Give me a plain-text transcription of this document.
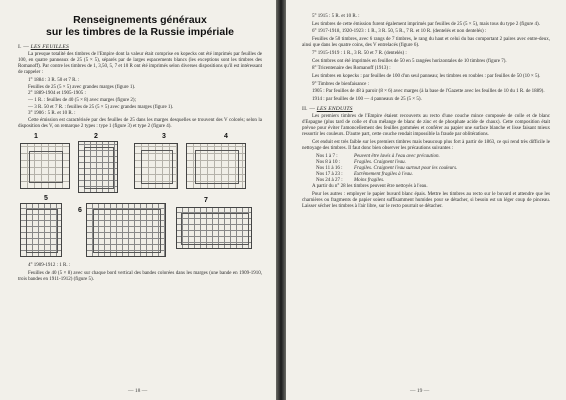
Renseignements généraux
sur les timbres de la Russie impériale
I. — LES FEUILLES

La presque totalité des timbres de l'Empire dont la valeur était comprise en kopecks ont été imprimés par feuilles de 100, en quatre panneaux de 25 (5 × 5), séparés par de larges espacements blancs (les exceptions sont les timbres des Romanoff). Par contre les timbres de 1, 3,50, 5, 7 et 10 R ont été imprimés selon diverses dispositions qu'il est intéressant de rappeler :

1° 1884 : 3 R. 50 et 7 R. :

Feuilles de 25 (5 × 5) avec grandes marges (figure 1).

2° 1889-1904 et 1905-1905 :

— 1 R. : feuilles de 40 (5 × 8) avec marges (figure 2);

— 3 R. 50 et 7 R. : feuilles de 25 (5 × 5) avec grandes marges (figure 1).

3° 1906 : 5 R. et 10 R. :

Cette émission est caractérisée par des feuilles de 25 dans les marges desquelles se trouvent des V colorés; selon la disposition des V, on remarque 2 types : type 1 (figure 3) et type 2 (figure 4).

1	2	3	4
5
6
7

4° 1909-1912 : 1 R. :

Feuilles de 40 (5 × 8) avec sur chaque bord vertical des bandes colorées dans les marges (une bande en 1909-1910, trois bandes en 1911-1912) (figure 5).

— 18 —

5° 1915 : 5 R. et 10 R. :

Les timbres de cette émission furent également imprimés par feuilles de 25 (5 × 5), mais tous du type 2 (figure 4).

6° 1917-1918, 1920-1923 : 1 R., 3 R. 50, 5 R., 7 R. et 10 R. (dentelés et non dentelés) :

Feuilles de 50 timbres, avec 6 rangs de 7 timbres, le rang du haut et celui du bas comportant 2 paires avec entre-deux, ainsi que dans les quatre coins, des V entrelacés (figure 6).

7° 1915-1919 : 1 R., 3 R. 50 et 7 R. (dentelés) :

Ces timbres ont été imprimés en feuilles de 50 en 5 rangées horizontales de 10 timbres (figure 7).

8° Tricentenaire des Romanoff (1913) :

Les timbres en kopecks : par feuilles de 100 d'un seul panneau; les timbres en roubles : par feuilles de 50 (10 × 5).

9° Timbres de bienfaisance :

1905 : Par feuilles de 48 à paroir (8 × 6) avec marges (à la base de l'Gazette avec les feuilles de 10 du 1 R. de 1889).

1914 : par feuilles de 100 — 4 panneaux de 25 (5 × 5).

II. — LES ENDUITS

Les premiers timbres de l'Empire étaient recouverts au recto d'une couche mince composée de colle et de blanc d'Espagne (plus tard de colle et d'un mélange de blanc de zinc et de phosphate acide de chaux). Cette composition était prévue pour éviter l'amoncellement des feuilles gommées et conférer au papier une surface blanche et lisse faisant mieux ressortir les couleurs. D'autre part, cette couche rendait impossible la fraude par oblitérations.

Cet enduit est très faible sur les premiers timbres mais beaucoup plus fort à partir de 1863, ce qui rend très difficile le nettoyage des timbres. Il faut donc bien observer les précautions suivantes :

Nos 1 à 7 :	Peuvent être lavés à l'eau avec précaution.
Nos 8 à 10 :	Fragiles. Craignent l'eau.
Nos 11 à 16 :	Fragiles. Craignent l'eau surtout pour les couleurs.
Nos 17 à 23 :	Extrêmement fragiles à l'eau.
Nos 24 à 27 :	Moins fragiles.

A partir du n° 28 les timbres peuvent être nettoyés à l'eau.

Pour les autres : employer le papier buvard blanc épais. Mettre les timbres au recto sur le buvard et attendre que les charnières ou fragments de papier soient suffisamment humides pour se détacher, si besoin est un léger coup de pinceau. Laisser sécher les timbres à l'air libre, sur le recto pourrait se détacher.

— 19 —
